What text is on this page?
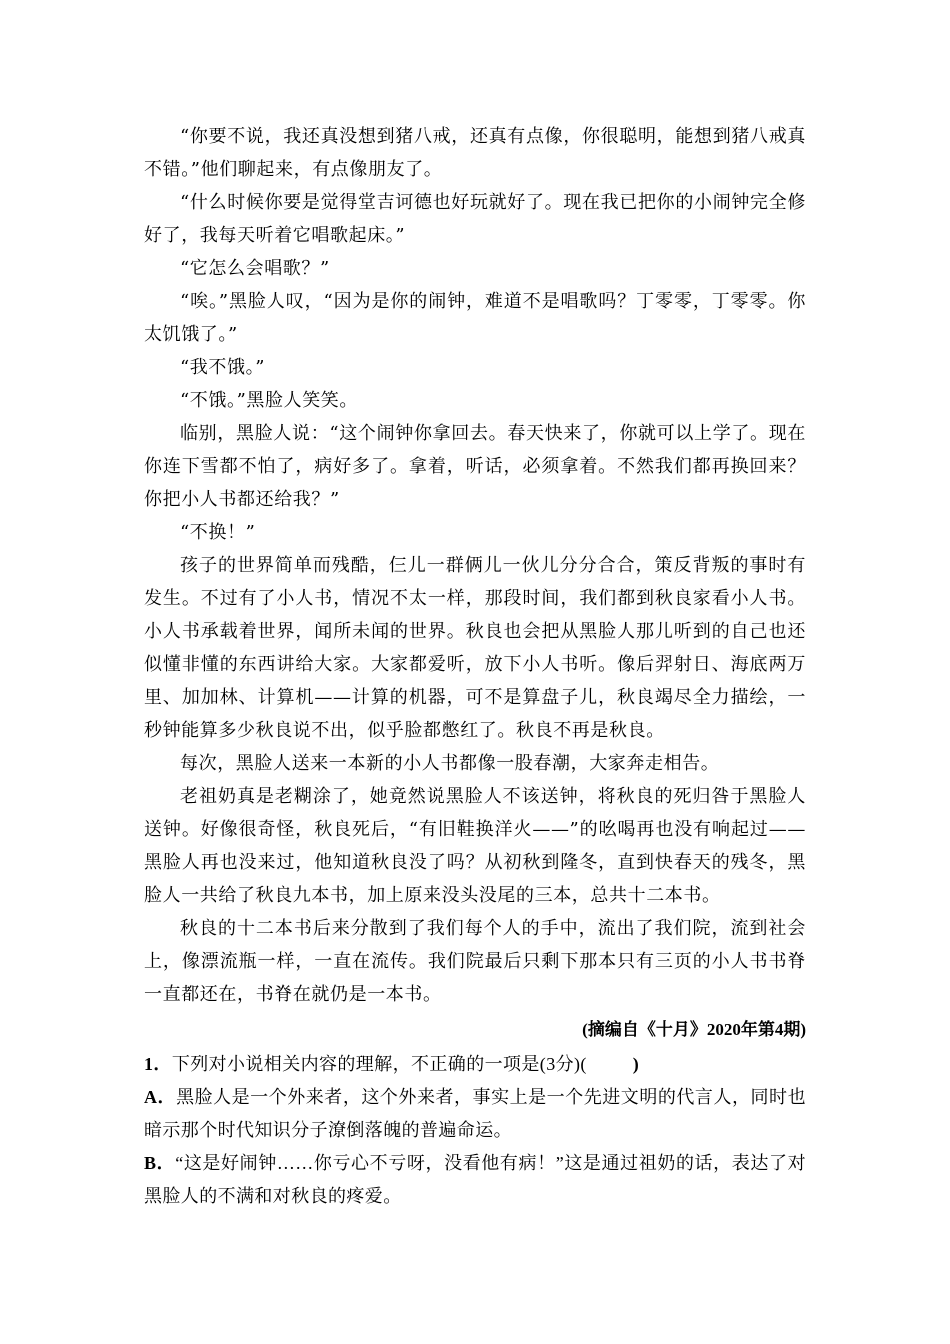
“你要不说，我还真没想到猪八戒，还真有点像，你很聪明，能想到猪八戒真不错。”他们聊起来，有点像朋友了。

“什么时候你要是觉得堂吉诃德也好玩就好了。现在我已把你的小闹钟完全修好了，我每天听着它唱歌起床。”

“它怎么会唱歌？”

“唉。”黑脸人叹，“因为是你的闹钟，难道不是唱歌吗？丁零零，丁零零。你太饥饿了。”

“我不饿。”

“不饿。”黑脸人笑笑。

临别，黑脸人说：“这个闹钟你拿回去。春天快来了，你就可以上学了。现在你连下雪都不怕了，病好多了。拿着，听话，必须拿着。不然我们都再换回来？你把小人书都还给我？”

“不换！”

孩子的世界简单而残酷，仨儿一群俩儿一伙儿分分合合，策反背叛的事时有发生。不过有了小人书，情况不太一样，那段时间，我们都到秋良家看小人书。小人书承载着世界，闻所未闻的世界。秋良也会把从黑脸人那儿听到的自己也还似懂非懂的东西讲给大家。大家都爱听，放下小人书听。像后羿射日、海底两万里、加加林、计算机——计算的机器，可不是算盘子儿，秋良竭尽全力描绘，一秒钟能算多少秋良说不出，似乎脸都憋红了。秋良不再是秋良。

每次，黑脸人送来一本新的小人书都像一股春潮，大家奔走相告。

老祖奶真是老糊涂了，她竟然说黑脸人不该送钟，将秋良的死归咎于黑脸人送钟。好像很奇怪，秋良死后，“有旧鞋换洋火——”的吆喝再也没有响起过——黑脸人再也没来过，他知道秋良没了吗？从初秋到隆冬，直到快春天的残冬，黑脸人一共给了秋良九本书，加上原来没头没尾的三本，总共十二本书。

秋良的十二本书后来分散到了我们每个人的手中，流出了我们院，流到社会上，像漂流瓶一样，一直在流传。我们院最后只剩下那本只有三页的小人书书脊一直都还在，书脊在就仍是一本书。

(摘编自《十月》2020年第4期)

1．下列对小说相关内容的理解，不正确的一项是(3分)(	)

A．黑脸人是一个外来者，这个外来者，事实上是一个先进文明的代言人，同时也暗示那个时代知识分子潦倒落魄的普遍命运。

B．“这是好闹钟……你亏心不亏呀，没看他有病！”这是通过祖奶的话，表达了对黑脸人的不满和对秋良的疼爱。
